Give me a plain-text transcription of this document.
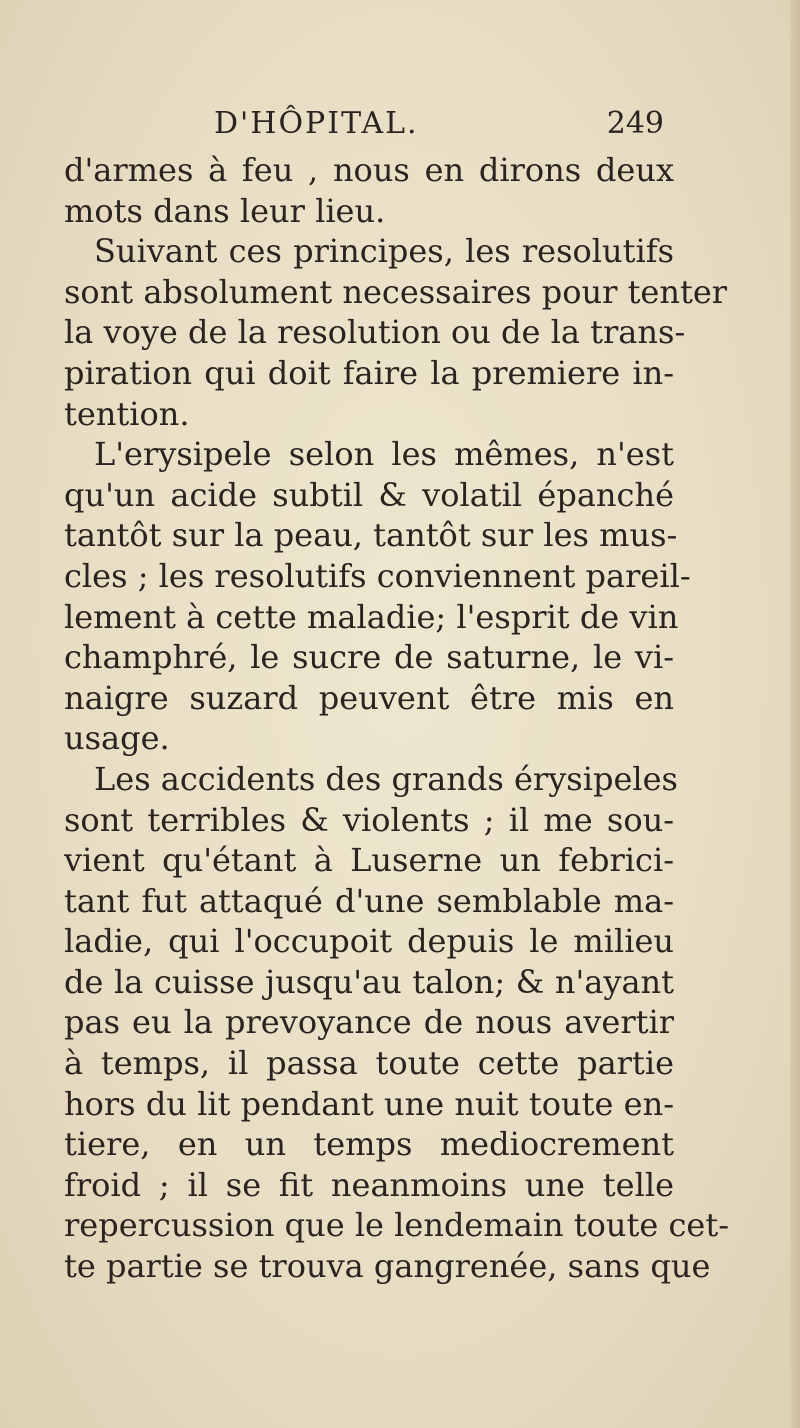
D'HÔPITAL.	249
d'armes à feu , nous en dirons deux
mots dans leur lieu.
Suivant ces principes, les resolutifs
sont absolument necessaires pour tenter
la voye de la resolution ou de la trans-
piration qui doit faire la premiere in-
tention.
L'erysipele selon les mêmes, n'est
qu'un acide subtil & volatil épanché
tantôt sur la peau, tantôt sur les mus-
cles ; les resolutifs conviennent pareil-
lement à cette maladie; l'esprit de vin
champhré, le sucre de saturne, le vi-
naigre suzard peuvent être mis en
usage.
Les accidents des grands érysipeles
sont terribles & violents ; il me sou-
vient qu'étant à Luserne un febrici-
tant fut attaqué d'une semblable ma-
ladie, qui l'occupoit depuis le milieu
de la cuisse jusqu'au talon; & n'ayant
pas eu la prevoyance de nous avertir
à temps, il passa toute cette partie
hors du lit pendant une nuit toute en-
tiere, en un temps mediocrement
froid ; il se fit neanmoins une telle
repercussion que le lendemain toute cet-
te partie se trouva gangrenée, sans que
